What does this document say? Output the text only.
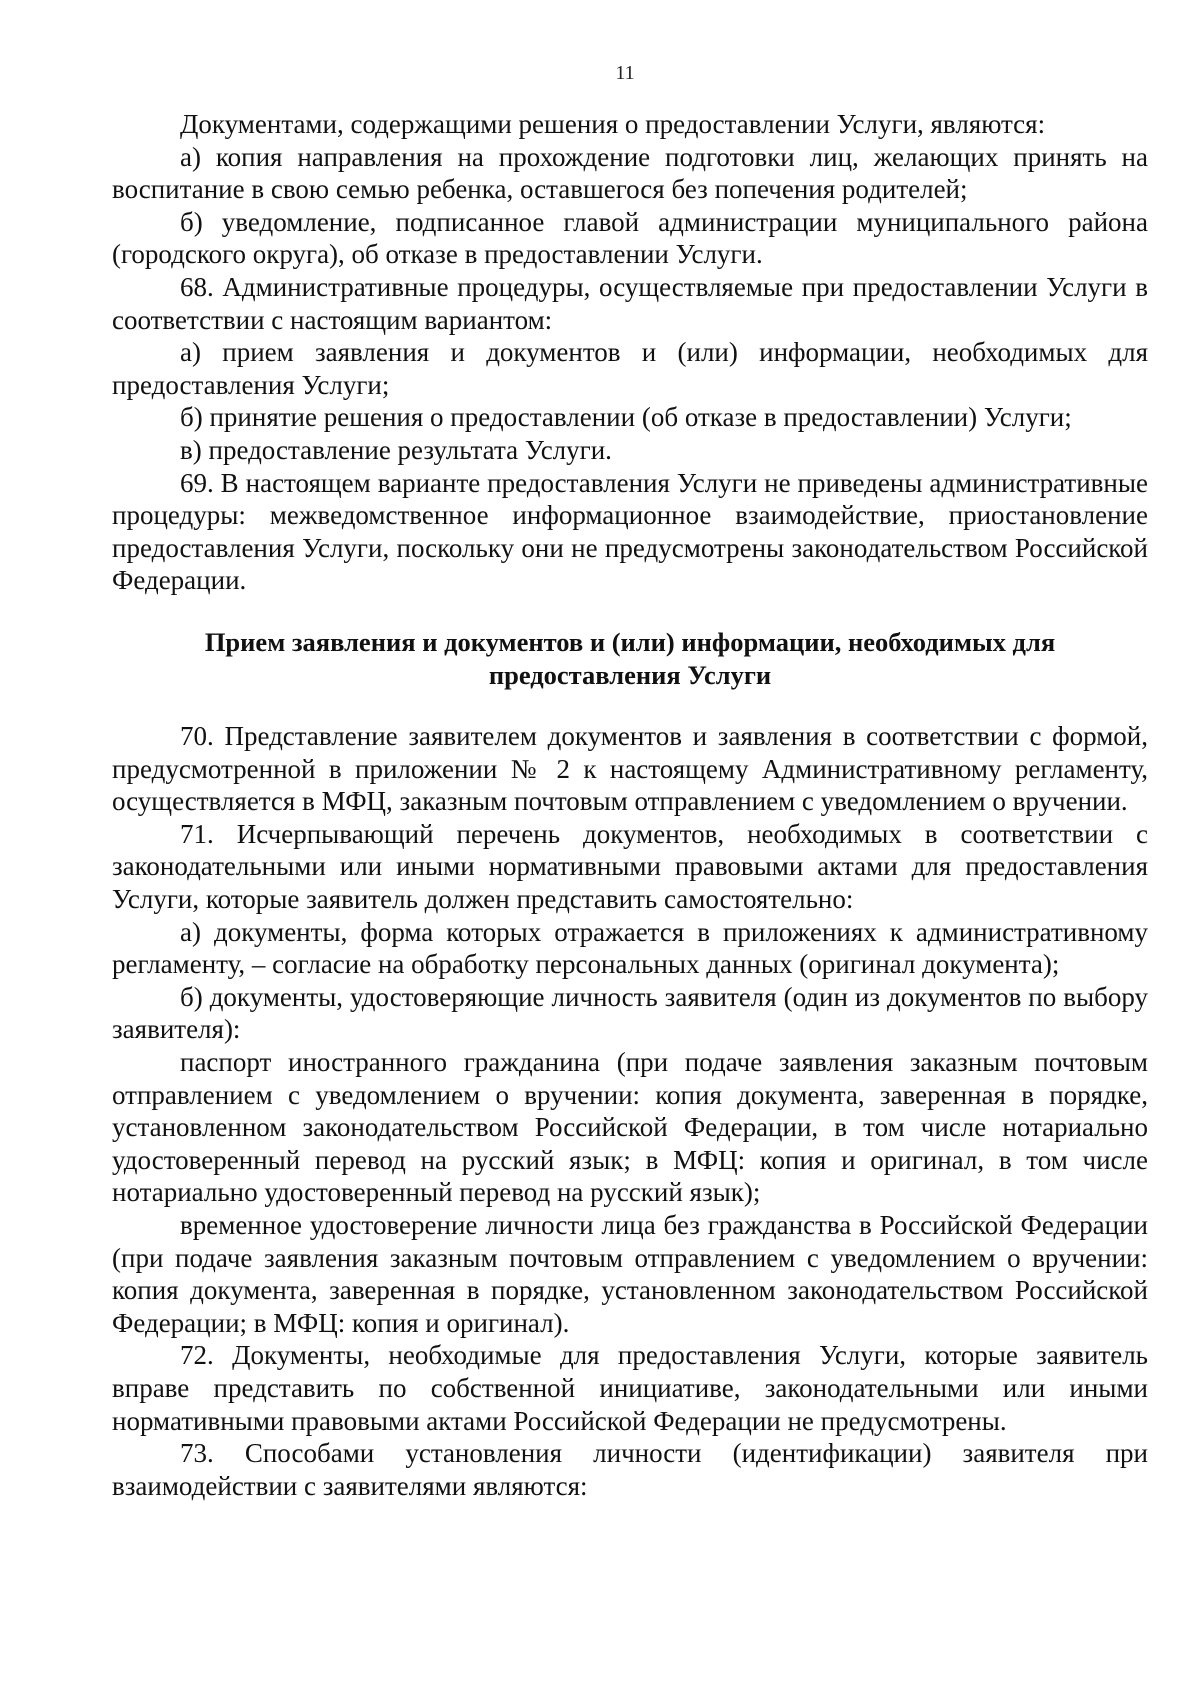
11

Документами, содержащими решения о предоставлении Услуги, являются:

а) копия направления на прохождение подготовки лиц, желающих принять на воспитание в свою семью ребенка, оставшегося без попечения родителей;

б) уведомление, подписанное главой администрации муниципального района (городского округа), об отказе в предоставлении Услуги.

68. Административные процедуры, осуществляемые при предоставлении Услуги в соответствии с настоящим вариантом:

а) прием заявления и документов и (или) информации, необходимых для предоставления Услуги;

б) принятие решения о предоставлении (об отказе в предоставлении) Услуги;

в) предоставление результата Услуги.

69. В настоящем варианте предоставления Услуги не приведены административные процедуры: межведомственное информационное взаимодействие, приостановление предоставления Услуги, поскольку они не предусмотрены законодательством Российской Федерации.

Прием заявления и документов и (или) информации, необходимых для
предоставления Услуги

70. Представление заявителем документов и заявления в соответствии с формой, предусмотренной в приложении № 2 к настоящему Административному регламенту, осуществляется в МФЦ, заказным почтовым отправлением с уведомлением о вручении.

71. Исчерпывающий перечень документов, необходимых в соответствии с законодательными или иными нормативными правовыми актами для предоставления Услуги, которые заявитель должен представить самостоятельно:

а) документы, форма которых отражается в приложениях к административному регламенту, – согласие на обработку персональных данных (оригинал документа);

б) документы, удостоверяющие личность заявителя (один из документов по выбору заявителя):

паспорт иностранного гражданина (при подаче заявления заказным почтовым отправлением с уведомлением о вручении: копия документа, заверенная в порядке, установленном законодательством Российской Федерации, в том числе нотариально удостоверенный перевод на русский язык; в МФЦ: копия и оригинал, в том числе нотариально удостоверенный перевод на русский язык);

временное удостоверение личности лица без гражданства в Российской Федерации (при подаче заявления заказным почтовым отправлением с уведомлением о вручении: копия документа, заверенная в порядке, установленном законодательством Российской Федерации; в МФЦ: копия и оригинал).

72. Документы, необходимые для предоставления Услуги, которые заявитель вправе представить по собственной инициативе, законодательными или иными нормативными правовыми актами Российской Федерации не предусмотрены.

73. Способами установления личности (идентификации) заявителя при взаимодействии с заявителями являются:
